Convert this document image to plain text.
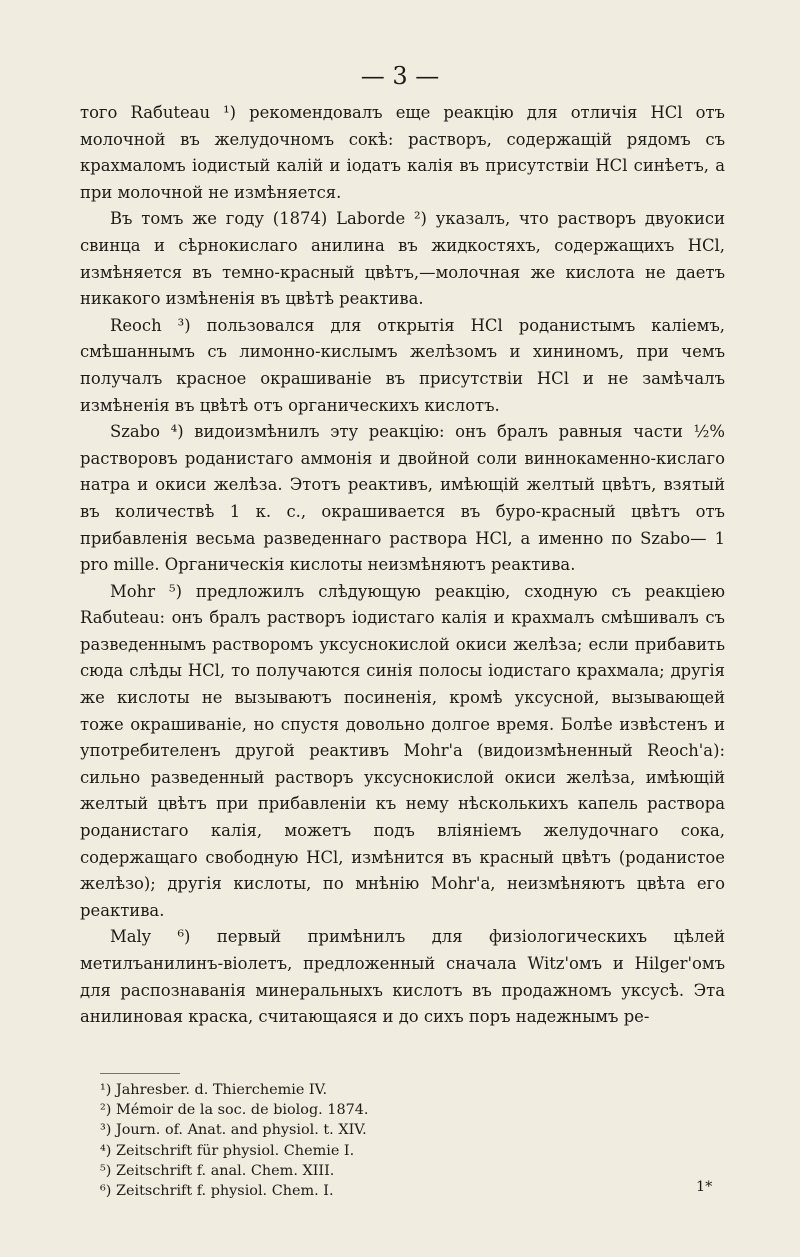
— 3 —

того Raбuteau ¹) рекомендовалъ еще реакцію для отличія HCl отъ молочной въ желудочномъ сокѣ: растворъ, содержащій рядомъ съ крахмаломъ іодистый калій и іодатъ калія въ присутствіи HCl синѣетъ, а при молочной не измѣняется.

Въ томъ же году (1874) Laborde ²) указалъ, что растворъ двуокиси свинца и сѣрнокислаго анилина въ жидкостяхъ, содержащихъ HCl, измѣняется въ темно-красный цвѣтъ,—молочная же кислота не даетъ никакого измѣненія въ цвѣтѣ реактива.

Reoch ³) пользовался для открытія HCl роданистымъ каліемъ, смѣшаннымъ съ лимонно-кислымъ желѣзомъ и хининомъ, при чемъ получалъ красное окрашиваніе въ присутствіи HCl и не замѣчалъ измѣненія въ цвѣтѣ отъ органическихъ кислотъ.

Szabo ⁴) видоизмѣнилъ эту реакцію: онъ бралъ равныя части ½% растворовъ роданистаго аммонія и двойной соли виннокаменно-кислаго натра и окиси желѣза. Этотъ реактивъ, имѣющій желтый цвѣтъ, взятый въ количествѣ 1 к. с., окрашивается въ буро-красный цвѣтъ отъ прибавленія весьма разведеннаго раствора HCl, а именно по Szabo— 1 pro mille. Органическія кислоты неизмѣняютъ реактива.

Mohr ⁵) предложилъ слѣдующую реакцію, сходную съ реакціею Raбuteau: онъ бралъ растворъ іодистаго калія и крахмалъ смѣшивалъ съ разведеннымъ растворомъ уксуснокислой окиси желѣза; если прибавить сюда слѣды HCl, то получаются синія полосы іодистаго крахмала; другія же кислоты не вызываютъ посиненія, кромѣ уксусной, вызывающей тоже окрашиваніе, но спустя довольно долгое время. Болѣе извѣстенъ и употребителенъ другой реактивъ Mohr'а (видоизмѣненный Reoch'а): сильно разведенный растворъ уксуснокислой окиси желѣза, имѣющій желтый цвѣтъ при прибавленіи къ нему нѣсколькихъ капель раствора роданистаго калія, можетъ подъ вліяніемъ желудочнаго сока, содержащаго свободную HCl, измѣнится въ красный цвѣтъ (роданистое желѣзо); другія кислоты, по мнѣнію Mohr'а, неизмѣняютъ цвѣта его реактива.

Maly ⁶) первый примѣнилъ для физіологическихъ цѣлей метилъанилинъ-віолетъ, предложенный сначала Witz'омъ и Hilger'омъ для распознаванія минеральныхъ кислотъ въ продажномъ уксусѣ. Эта анилиновая краска, считающаяся и до сихъ поръ надежнымъ ре-

¹) Jahresber. d. Thierchemie IV.
²) Mémoir de la soc. de biolog. 1874.
³) Journ. of. Anat. and physiol. t. XIV.
⁴) Zeitschrift für physiol. Chemie I.
⁵) Zeitschrift f. anal. Chem. XIII.
⁶) Zeitschrift f. physiol. Chem. I.	1*
